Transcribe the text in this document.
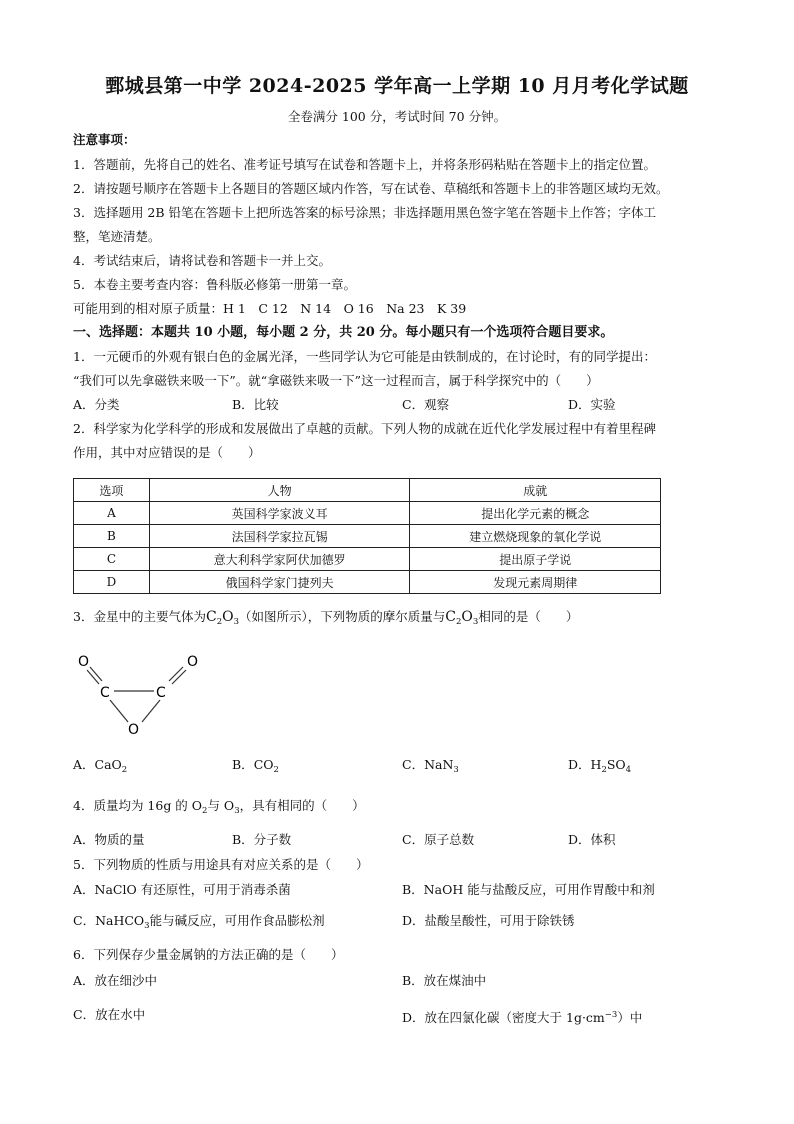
鄄城县第一中学 2024-2025 学年高一上学期 10 月月考化学试题
全卷满分 100 分，考试时间 70 分钟。
注意事项：
1．答题前，先将自己的姓名、准考证号填写在试卷和答题卡上，并将条形码粘贴在答题卡上的指定位置。
2．请按题号顺序在答题卡上各题目的答题区域内作答，写在试卷、草稿纸和答题卡上的非答题区域均无效。
3．选择题用 2B 铅笔在答题卡上把所选答案的标号涂黑；非选择题用黑色签字笔在答题卡上作答；字体工
整，笔迹清楚。
4．考试结束后，请将试卷和答题卡一并上交。
5．本卷主要考查内容：鲁科版必修第一册第一章。
可能用到的相对原子质量：H 1　C 12　N 14　O 16　Na 23　K 39
一、选择题：本题共 10 小题，每小题 2 分，共 20 分。每小题只有一个选项符合题目要求。
1．一元硬币的外观有银白色的金属光泽，一些同学认为它可能是由铁制成的，在讨论时，有的同学提出：
“我们可以先拿磁铁来吸一下”。就“拿磁铁来吸一下”这一过程而言，属于科学探究中的（　　）
A．分类	B．比较	C．观察	D．实验
2．科学家为化学科学的形成和发展做出了卓越的贡献。下列人物的成就在近代化学发展过程中有着里程碑
作用，其中对应错误的是（　　）
选项	人物	成就
A	英国科学家波义耳	提出化学元素的概念
B	法国科学家拉瓦锡	建立燃烧现象的氧化学说
C	意大利科学家阿伏加德罗	提出原子学说
D	俄国科学家门捷列夫	发现元素周期律
3．金星中的主要气体为$C_2O_3$（如图所示），下列物质的摩尔质量与$C_2O_3$相同的是（　　）
O	O
C	C
O
A．CaO$_2$	B．$CO_2$	C．NaN$_3$	D．$H_2SO_4$
4．质量均为 16g 的 $O_2$与 $O_3$，具有相同的（　　）
A．物质的量	B．分子数	C．原子总数	D．体积
5．下列物质的性质与用途具有对应关系的是（　　）
A．NaClO 有还原性，可用于消毒杀菌	B．NaOH 能与盐酸反应，可用作胃酸中和剂
C．NaHCO$_3$能与碱反应，可用作食品膨松剂	D．盐酸呈酸性，可用于除铁锈
6．下列保存少量金属钠的方法正确的是（　　）
A．放在细沙中	B．放在煤油中
C．放在水中	D．放在四氯化碳（密度大于 $1g\cdot cm^{-3}$）中
